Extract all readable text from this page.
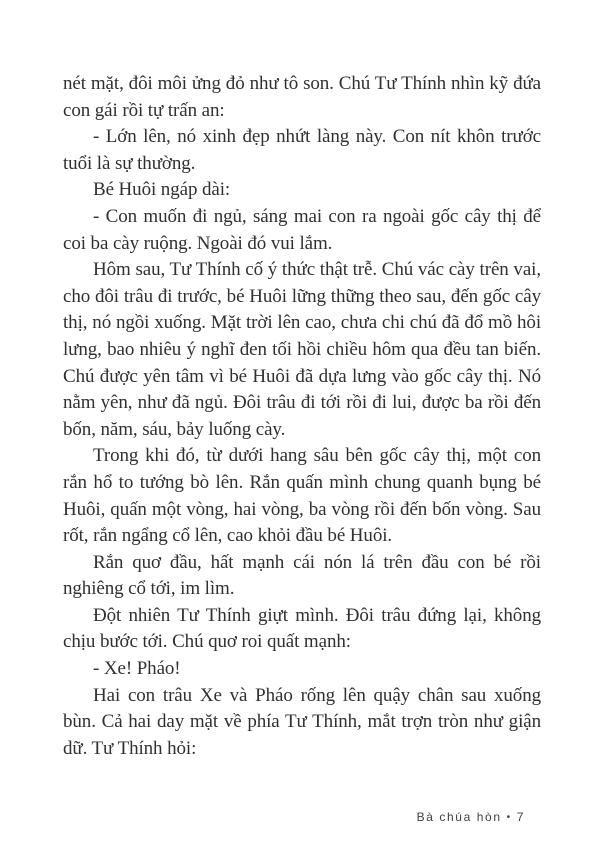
nét mặt, đôi môi ửng đỏ như tô son. Chú Tư Thính nhìn kỹ đứa con gái rồi tự trấn an:

- Lớn lên, nó xinh đẹp nhứt làng này. Con nít khôn trước tuổi là sự thường.

Bé Huôi ngáp dài:

- Con muốn đi ngủ, sáng mai con ra ngoài gốc cây thị để coi ba cày ruộng. Ngoài đó vui lắm.

Hôm sau, Tư Thính cố ý thức thật trễ. Chú vác cày trên vai, cho đôi trâu đi trước, bé Huôi lững thững theo sau, đến gốc cây thị, nó ngồi xuống. Mặt trời lên cao, chưa chi chú đã đổ mồ hôi lưng, bao nhiêu ý nghĩ đen tối hồi chiều hôm qua đều tan biến. Chú được yên tâm vì bé Huôi đã dựa lưng vào gốc cây thị. Nó nằm yên, như đã ngủ. Đôi trâu đi tới rồi đi lui, được ba rồi đến bốn, năm, sáu, bảy luống cày.

Trong khi đó, từ dưới hang sâu bên gốc cây thị, một con rắn hổ to tướng bò lên. Rắn quấn mình chung quanh bụng bé Huôi, quấn một vòng, hai vòng, ba vòng rồi đến bốn vòng. Sau rốt, rắn ngẩng cổ lên, cao khỏi đầu bé Huôi.

Rắn quơ đầu, hất mạnh cái nón lá trên đầu con bé rồi nghiêng cổ tới, im lìm.

Đột nhiên Tư Thính giựt mình. Đôi trâu đứng lại, không chịu bước tới. Chú quơ roi quất mạnh:

- Xe! Pháo!

Hai con trâu Xe và Pháo rống lên quậy chân sau xuống bùn. Cả hai day mặt về phía Tư Thính, mắt trợn tròn như giận dữ. Tư Thính hỏi:

Bà chúa hòn • 7
